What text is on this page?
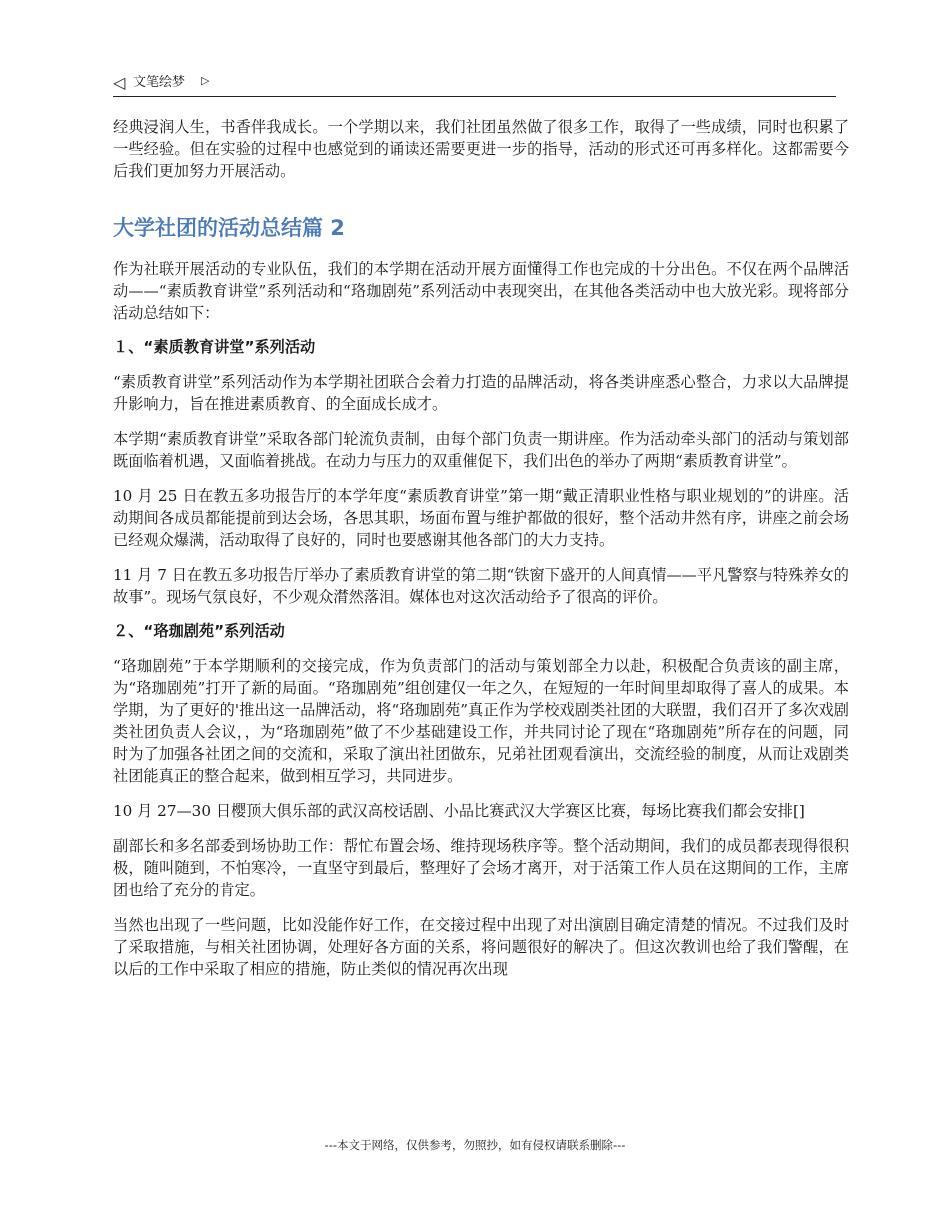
◁ 文笔绘梦 ▷

经典浸润人生，书香伴我成长。一个学期以来，我们社团虽然做了很多工作，取得了一些成绩，同时也积累了一些经验。但在实验的过程中也感觉到的诵读还需要更进一步的指导，活动的形式还可再多样化。这都需要今后我们更加努力开展活动。

大学社团的活动总结篇 2

作为社联开展活动的专业队伍，我们的本学期在活动开展方面懂得工作也完成的十分出色。不仅在两个品牌活动——“素质教育讲堂”系列活动和“珞珈剧苑”系列活动中表现突出，在其他各类活动中也大放光彩。现将部分活动总结如下：

１、“素质教育讲堂”系列活动

“素质教育讲堂”系列活动作为本学期社团联合会着力打造的品牌活动，将各类讲座悉心整合，力求以大品牌提升影响力，旨在推进素质教育、的全面成长成才。

本学期“素质教育讲堂”采取各部门轮流负责制，由每个部门负责一期讲座。作为活动牵头部门的活动与策划部既面临着机遇，又面临着挑战。在动力与压力的双重催促下，我们出色的举办了两期“素质教育讲堂”。

10 月 25 日在教五多功报告厅的本学年度“素质教育讲堂”第一期“戴正清职业性格与职业规划的”的讲座。活动期间各成员都能提前到达会场，各思其职，场面布置与维护都做的很好，整个活动井然有序，讲座之前会场已经观众爆满，活动取得了良好的，同时也要感谢其他各部门的大力支持。

11 月 7 日在教五多功报告厅举办了素质教育讲堂的第二期“铁窗下盛开的人间真情——平凡警察与特殊养女的故事”。现场气氛良好，不少观众潸然落泪。媒体也对这次活动给予了很高的评价。

２、“珞珈剧苑”系列活动

“珞珈剧苑”于本学期顺利的交接完成，作为负责部门的活动与策划部全力以赴，积极配合负责该的副主席，为“珞珈剧苑”打开了新的局面。“珞珈剧苑”组创建仅一年之久，在短短的一年时间里却取得了喜人的成果。本学期，为了更好的'推出这一品牌活动，将“珞珈剧苑”真正作为学校戏剧类社团的大联盟，我们召开了多次戏剧类社团负责人会议，，为“珞珈剧苑”做了不少基础建设工作，并共同讨论了现在“珞珈剧苑”所存在的问题，同时为了加强各社团之间的交流和，采取了演出社团做东，兄弟社团观看演出，交流经验的制度，从而让戏剧类社团能真正的整合起来，做到相互学习，共同进步。

10 月 27—30 日樱顶大俱乐部的武汉高校话剧、小品比赛武汉大学赛区比赛，每场比赛我们都会安排[]

副部长和多名部委到场协助工作：帮忙布置会场、维持现场秩序等。整个活动期间，我们的成员都表现得很积极，随叫随到，不怕寒冷，一直坚守到最后，整理好了会场才离开，对于活策工作人员在这期间的工作，主席团也给了充分的肯定。

当然也出现了一些问题，比如没能作好工作，在交接过程中出现了对出演剧目确定清楚的情况。不过我们及时了采取措施，与相关社团协调，处理好各方面的关系，将问题很好的解决了。但这次教训也给了我们警醒，在以后的工作中采取了相应的措施，防止类似的情况再次出现

---本文于网络，仅供参考，勿照抄，如有侵权请联系删除---
